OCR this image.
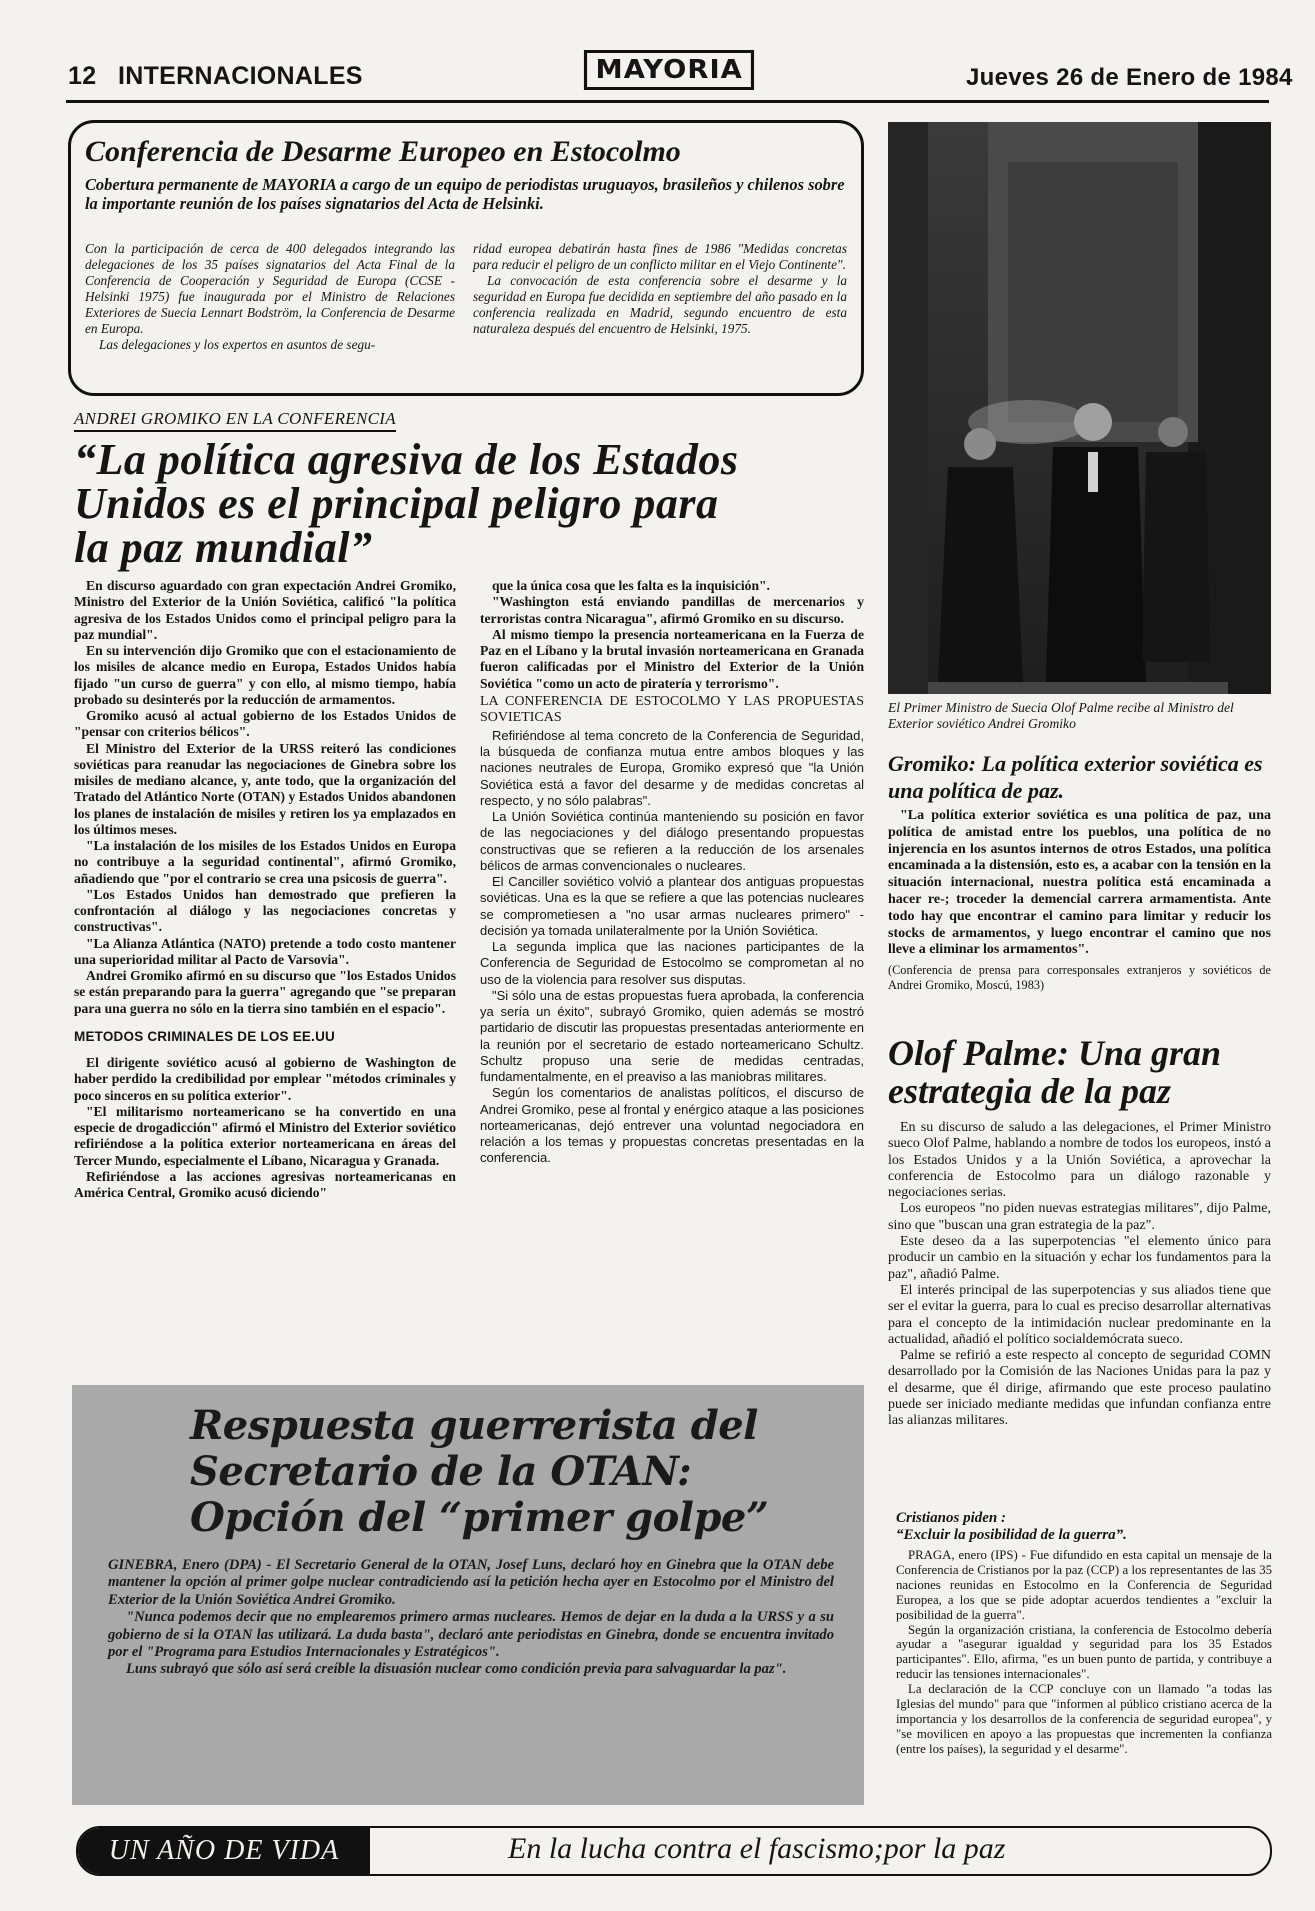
12 INTERNACIONALES	MAYORIA	Jueves 26 de Enero de 1984
Conferencia de Desarme Europeo en Estocolmo
Cobertura permanente de MAYORIA a cargo de un equipo de periodistas uruguayos, brasileños y chilenos sobre la importante reunión de los países signatarios del Acta de Helsinki.

Con la participación de cerca de 400 delegados integrando las delegaciones de los 35 países signatarios del Acta Final de la Conferencia de Cooperación y Seguridad de Europa (CCSE - Helsinki 1975) fue inaugurada por el Ministro de Relaciones Exteriores de Suecia Lennart Bodström, la Conferencia de Desarme en Europa.

Las delegaciones y los expertos en asuntos de segu-

ridad europea debatirán hasta fines de 1986 "Medidas concretas para reducir el peligro de un conflicto militar en el Viejo Continente".

La convocación de esta conferencia sobre el desarme y la seguridad en Europa fue decidida en septiembre del año pasado en la conferencia realizada en Madrid, segundo encuentro de esta naturaleza después del encuentro de Helsinki, 1975.

El Primer Ministro de Suecia Olof Palme recibe al Ministro del Exterior soviético Andrei Gromiko
ANDREI GROMIKO EN LA CONFERENCIA
“La política agresiva de los Estados Unidos es el principal peligro para la paz mundial”

En discurso aguardado con gran expectación Andrei Gromiko, Ministro del Exterior de la Unión Soviética, calificó "la política agresiva de los Estados Unidos como el principal peligro para la paz mundial".

En su intervención dijo Gromiko que con el estacionamiento de los misiles de alcance medio en Europa, Estados Unidos había fijado "un curso de guerra" y con ello, al mismo tiempo, había probado su desinterés por la reducción de armamentos.

Gromiko acusó al actual gobierno de los Estados Unidos de "pensar con criterios bélicos".

El Ministro del Exterior de la URSS reiteró las condiciones soviéticas para reanudar las negociaciones de Ginebra sobre los misiles de mediano alcance, y, ante todo, que la organización del Tratado del Atlántico Norte (OTAN) y Estados Unidos abandonen los planes de instalación de misiles y retiren los ya emplazados en los últimos meses.

"La instalación de los misiles de los Estados Unidos en Europa no contribuye a la seguridad continental", afirmó Gromiko, añadiendo que "por el contrario se crea una psicosis de guerra".

"Los Estados Unidos han demostrado que prefieren la confrontación al diálogo y las negociaciones concretas y constructivas".

"La Alianza Atlántica (NATO) pretende a todo costo mantener una superioridad militar al Pacto de Varsovia".

Andrei Gromiko afirmó en su discurso que "los Estados Unidos se están preparando para la guerra" agregando que "se preparan para una guerra no sólo en la tierra sino también en el espacio".

METODOS CRIMINALES DE LOS EE.UU

El dirigente soviético acusó al gobierno de Washington de haber perdido la credibilidad por emplear "métodos criminales y poco sinceros en su política exterior".

"El militarismo norteamericano se ha convertido en una especie de drogadicción" afirmó el Ministro del Exterior soviético refiriéndose a la política exterior norteamericana en áreas del Tercer Mundo, especialmente el Líbano, Nicaragua y Granada.

Refiriéndose a las acciones agresivas norteamericanas en América Central, Gromiko acusó diciendo"

que la única cosa que les falta es la inquisición".

"Washington está enviando pandillas de mercenarios y terroristas contra Nicaragua", afirmó Gromiko en su discurso.

Al mismo tiempo la presencia norteamericana en la Fuerza de Paz en el Líbano y la brutal invasión norteamericana en Granada fueron calificadas por el Ministro del Exterior de la Unión Soviética "como un acto de piratería y terrorismo".

LA CONFERENCIA DE ESTOCOLMO Y LAS PROPUESTAS SOVIETICAS

Refiriéndose al tema concreto de la Conferencia de Seguridad, la búsqueda de confianza mutua entre ambos bloques y las naciones neutrales de Europa, Gromiko expresó que "la Unión Soviética está a favor del desarme y de medidas concretas al respecto, y no sólo palabras".

La Unión Soviética continúa manteniendo su posición en favor de las negociaciones y del diálogo presentando propuestas constructivas que se refieren a la reducción de los arsenales bélicos de armas convencionales o nucleares.

El Canciller soviético volvió a plantear dos antiguas propuestas soviéticas. Una es la que se refiere a que las potencias nucleares se comprometiesen a "no usar armas nucleares primero" - decisión ya tomada unilateralmente por la Unión Soviética.

La segunda implica que las naciones participantes de la Conferencia de Seguridad de Estocolmo se comprometan al no uso de la violencia para resolver sus disputas.

"Si sólo una de estas propuestas fuera aprobada, la conferencia ya sería un éxito", subrayó Gromiko, quien además se mostró partidario de discutir las propuestas presentadas anteriormente en la reunión por el secretario de estado norteamericano Schultz. Schultz propuso una serie de medidas centradas, fundamentalmente, en el preaviso a las maniobras militares.

Según los comentarios de analistas políticos, el discurso de Andrei Gromiko, pese al frontal y enérgico ataque a las posiciones norteamericanas, dejó entrever una voluntad negociadora en relación a los temas y propuestas concretas presentadas en la conferencia.

Gromiko: La política exterior soviética es una política de paz.

"La política exterior soviética es una política de paz, una política de amistad entre los pueblos, una política de no injerencia en los asuntos internos de otros Estados, una política encaminada a la distensión, esto es, a acabar con la tensión en la situación internacional, nuestra política está encaminada a hacer re-; troceder la demencial carrera armamentista. Ante todo hay que encontrar el camino para limitar y reducir los stocks de armamentos, y luego encontrar el camino que nos lleve a eliminar los armamentos".

(Conferencia de prensa para corresponsales extranjeros y soviéticos de Andrei Gromiko, Moscú, 1983)
Olof Palme: Una gran estrategia de la paz

En su discurso de saludo a las delegaciones, el Primer Ministro sueco Olof Palme, hablando a nombre de todos los europeos, instó a los Estados Unidos y a la Unión Soviética, a aprovechar la conferencia de Estocolmo para un diálogo razonable y negociaciones serias.

Los europeos "no piden nuevas estrategias militares", dijo Palme, sino que "buscan una gran estrategia de la paz".

Este deseo da a las superpotencias "el elemento único para producir un cambio en la situación y echar los fundamentos para la paz", añadió Palme.

El interés principal de las superpotencias y sus aliados tiene que ser el evitar la guerra, para lo cual es preciso desarrollar alternativas para el concepto de la intimidación nuclear predominante en la actualidad, añadió el político socialdemócrata sueco.

Palme se refirió a este respecto al concepto de seguridad COMN desarrollado por la Comisión de las Naciones Unidas para la paz y el desarme, que él dirige, afirmando que este proceso paulatino puede ser iniciado mediante medidas que infundan confianza entre las alianzas militares.

Cristianos piden :
“Excluir la posibilidad de la guerra”.

PRAGA, enero (IPS) - Fue difundido en esta capital un mensaje de la Conferencia de Cristianos por la paz (CCP) a los representantes de las 35 naciones reunidas en Estocolmo en la Conferencia de Seguridad Europea, a los que se pide adoptar acuerdos tendientes a "excluir la posibilidad de la guerra".

Según la organización cristiana, la conferencia de Estocolmo debería ayudar a "asegurar igualdad y seguridad para los 35 Estados participantes". Ello, afirma, "es un buen punto de partida, y contribuye a reducir las tensiones internacionales".

La declaración de la CCP concluye con un llamado "a todas las Iglesias del mundo" para que "informen al público cristiano acerca de la importancia y los desarrollos de la conferencia de seguridad europea", y "se movilicen en apoyo a las propuestas que incrementen la confianza (entre los países), la seguridad y el desarme".

Respuesta guerrerista del
Secretario de la OTAN:
Opción del “primer golpe”

GINEBRA, Enero (DPA) - El Secretario General de la OTAN, Josef Luns, declaró hoy en Ginebra que la OTAN debe mantener la opción al primer golpe nuclear contradiciendo así la petición hecha ayer en Estocolmo por el Ministro del Exterior de la Unión Soviética Andrei Gromiko.

"Nunca podemos decir que no emplearemos primero armas nucleares. Hemos de dejar en la duda a la URSS y a su gobierno de si la OTAN las utilizará. La duda basta", declaró ante periodistas en Ginebra, donde se encuentra invitado por el "Programa para Estudios Internacionales y Estratégicos".

Luns subrayó que sólo así será creíble la disuasión nuclear como condición previa para salvaguardar la paz".

UN AÑO DE VIDA	En la lucha contra el fascismo;por la paz
